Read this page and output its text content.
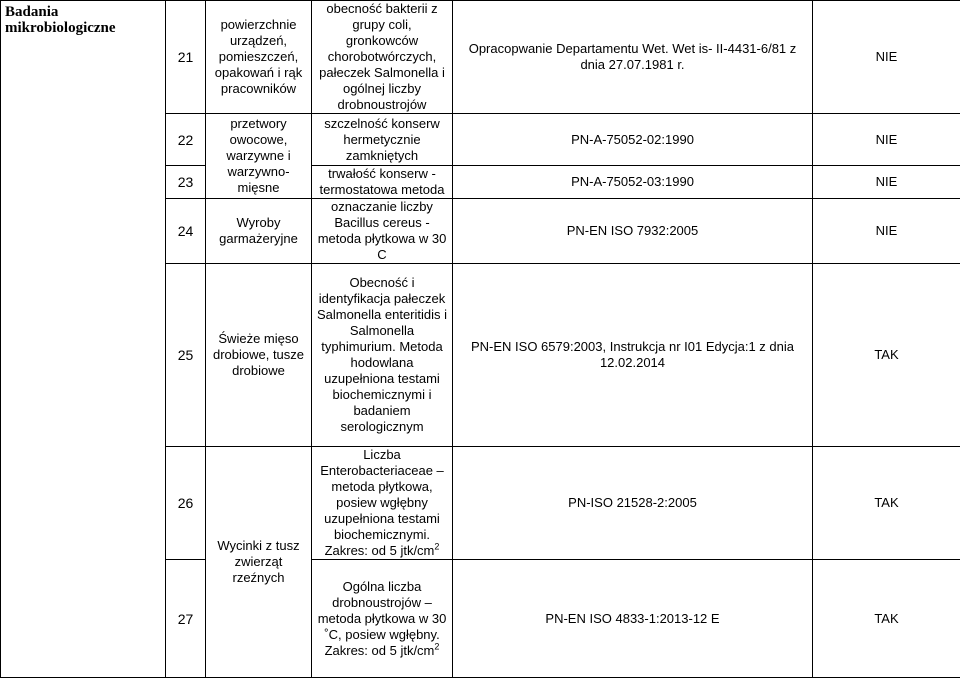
Badania mikrobiologiczne	21	powierzchnie urządzeń, pomieszczeń, opakowań i rąk pracowników	obecność bakterii z grupy coli, gronkowców chorobotwórczych, pałeczek Salmonella i ogólnej liczby drobnoustrojów	Opracopwanie Departamentu Wet. Wet is- II-4431-6/81 z dnia 27.07.1981 r.	NIE
	22	przetwory owocowe, warzywne i warzywno-mięsne	szczelność konserw hermetycznie zamkniętych	PN-A-75052-02:1990	NIE
	23		trwałość konserw - termostatowa metoda	PN-A-75052-03:1990	NIE
	24	Wyroby garmażeryjne	oznaczanie liczby Bacillus cereus - metoda płytkowa w 30 C	PN-EN ISO 7932:2005	NIE
	25	Świeże mięso drobiowe, tusze drobiowe	Obecność i identyfikacja pałeczek Salmonella enteritidis i Salmonella typhimurium. Metoda hodowlana uzupełniona testami biochemicznymi i badaniem serologicznym	PN-EN ISO 6579:2003, Instrukcja nr I01 Edycja:1 z dnia 12.02.2014	TAK
	26	Wycinki z tusz zwierząt rzeźnych	Liczba Enterobacteriaceae – metoda płytkowa, posiew wgłębny uzupełniona testami biochemicznymi. Zakres: od 5 jtk/$cm^2$	PN-ISO 21528-2:2005	TAK
	27		Ogólna liczba drobnoustrojów – metoda płytkowa w 30 ˚C, posiew wgłębny. Zakres: od 5 jtk/$cm^2$	PN-EN ISO 4833-1:2013-12 E	TAK
